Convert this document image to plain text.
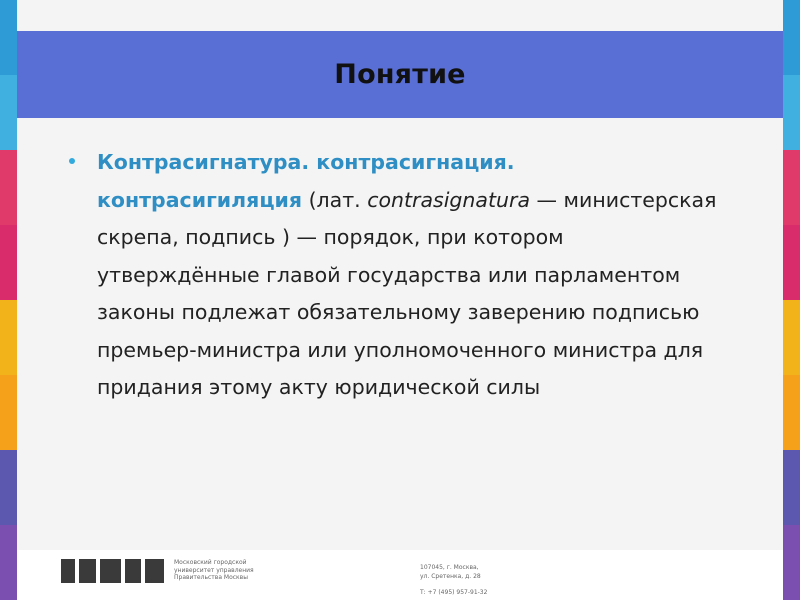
Понятие

Контрасигнатура. контрасигнация. контрасигиляция (лат. contrasignatura — министерская скрепа, подпись ) — порядок, при котором утверждённые главой государства или парламентом законы подлежат обязательному заверению подписью премьер-министра или уполномоченного министра для придания этому акту юридической силы

Московский городской
университет управления
Правительства Москвы
107045, г. Москва,
ул. Сретенка, д. 28
Т: +7 (495) 957-91-32
